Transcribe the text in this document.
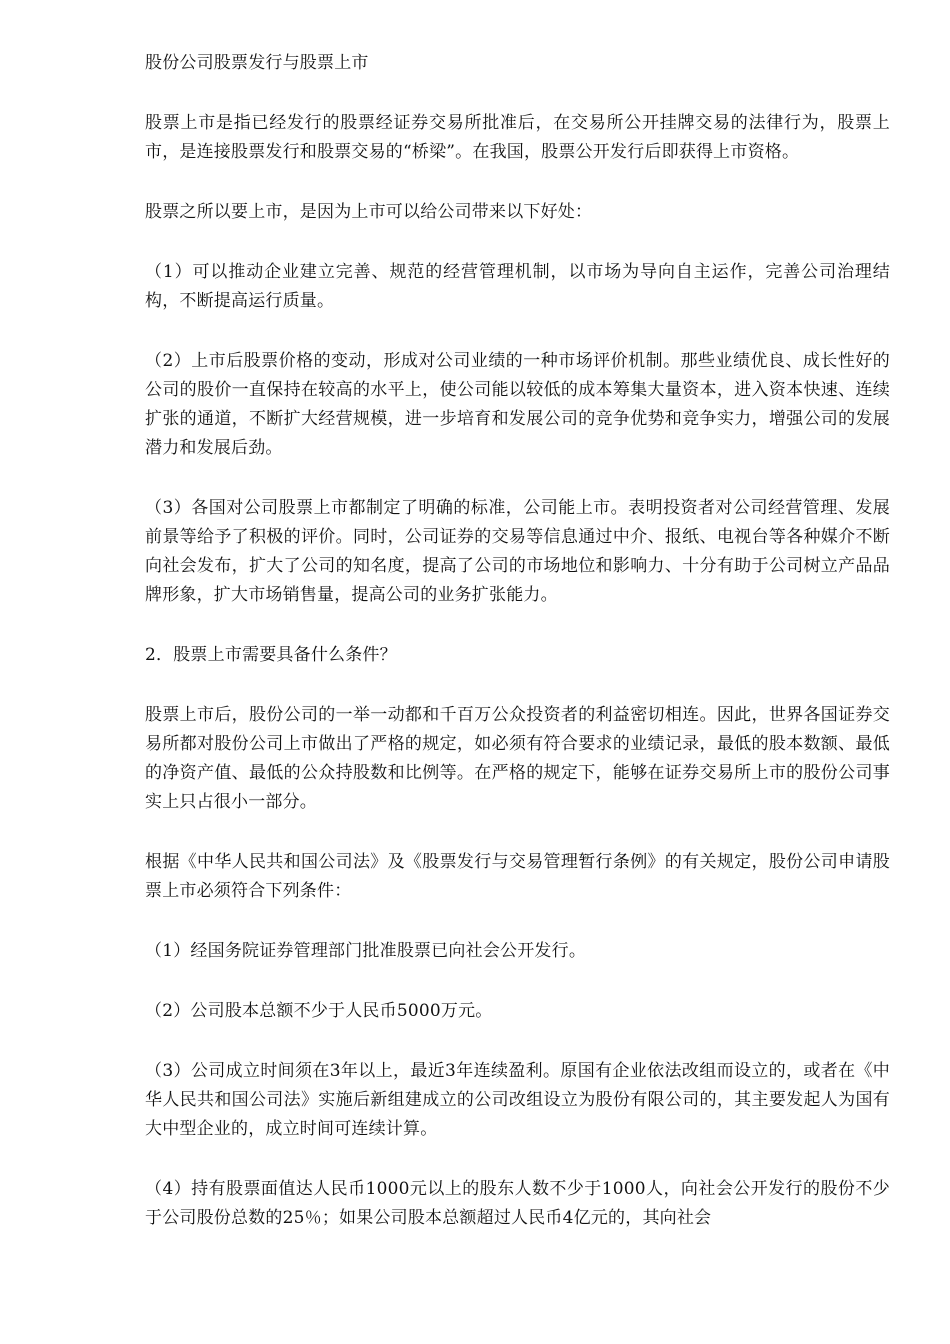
股份公司股票发行与股票上市

股票上市是指已经发行的股票经证券交易所批准后，在交易所公开挂牌交易的法律行为，股票上市，是连接股票发行和股票交易的“桥梁”。在我国，股票公开发行后即获得上市资格。

股票之所以要上市，是因为上市可以给公司带来以下好处：

（1）可以推动企业建立完善、规范的经营管理机制，以市场为导向自主运作，完善公司治理结构，不断提高运行质量。

（2）上市后股票价格的变动，形成对公司业绩的一种市场评价机制。那些业绩优良、成长性好的公司的股价一直保持在较高的水平上，使公司能以较低的成本筹集大量资本，进入资本快速、连续扩张的通道，不断扩大经营规模，进一步培育和发展公司的竞争优势和竞争实力，增强公司的发展潜力和发展后劲。

（3）各国对公司股票上市都制定了明确的标准，公司能上市。表明投资者对公司经营管理、发展前景等给予了积极的评价。同时，公司证券的交易等信息通过中介、报纸、电视台等各种媒介不断向社会发布，扩大了公司的知名度，提高了公司的市场地位和影响力、十分有助于公司树立产品品牌形象，扩大市场销售量，提高公司的业务扩张能力。

2．股票上市需要具备什么条件？

股票上市后，股份公司的一举一动都和千百万公众投资者的利益密切相连。因此，世界各国证券交易所都对股份公司上市做出了严格的规定，如必须有符合要求的业绩记录，最低的股本数额、最低的净资产值、最低的公众持股数和比例等。在严格的规定下，能够在证券交易所上市的股份公司事实上只占很小一部分。

根据《中华人民共和国公司法》及《股票发行与交易管理暂行条例》的有关规定，股份公司申请股票上市必须符合下列条件：

（1）经国务院证券管理部门批准股票已向社会公开发行。

（2）公司股本总额不少于人民币5000万元。

（3）公司成立时间须在3年以上，最近3年连续盈利。原国有企业依法改组而设立的，或者在《中华人民共和国公司法》实施后新组建成立的公司改组设立为股份有限公司的，其主要发起人为国有大中型企业的，成立时间可连续计算。

（4）持有股票面值达人民币1000元以上的股东人数不少于1000人，向社会公开发行的股份不少于公司股份总数的25％；如果公司股本总额超过人民币4亿元的，其向社会
